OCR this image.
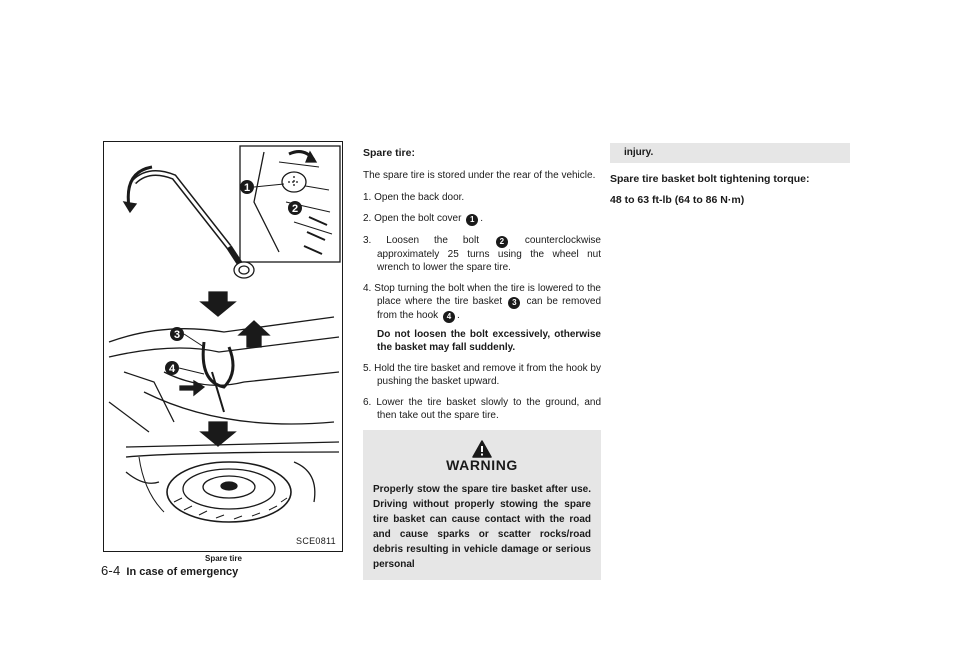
1
2
3
4
SCE0811
Spare tire
6-4 In case of emergency
Spare tire:

The spare tire is stored under the rear of the vehicle.

1. Open the back door.
2. Open the bolt cover 1 .
3. Loosen the bolt	2 counterclockwise approximately 25 turns using the wheel nut wrench to lower the spare tire.
4. Stop turning the bolt when the tire is lowered to the place where the tire basket 3 can be removed from the hook 4 .
Do not loosen the bolt excessively, otherwise the basket may fall suddenly.
5. Hold the tire basket and remove it from the hook by pushing the basket upward.
6. Lower the tire basket slowly to the ground, and then take out the spare tire.
WARNING
Properly stow the spare tire basket after use. Driving without properly stowing the spare tire basket can cause contact with the road and cause sparks or scatter rocks/road debris resulting in vehicle damage or serious personal
injury.
Spare tire basket bolt tightening torque:
48 to 63 ft-lb (64 to 86 N·m)
